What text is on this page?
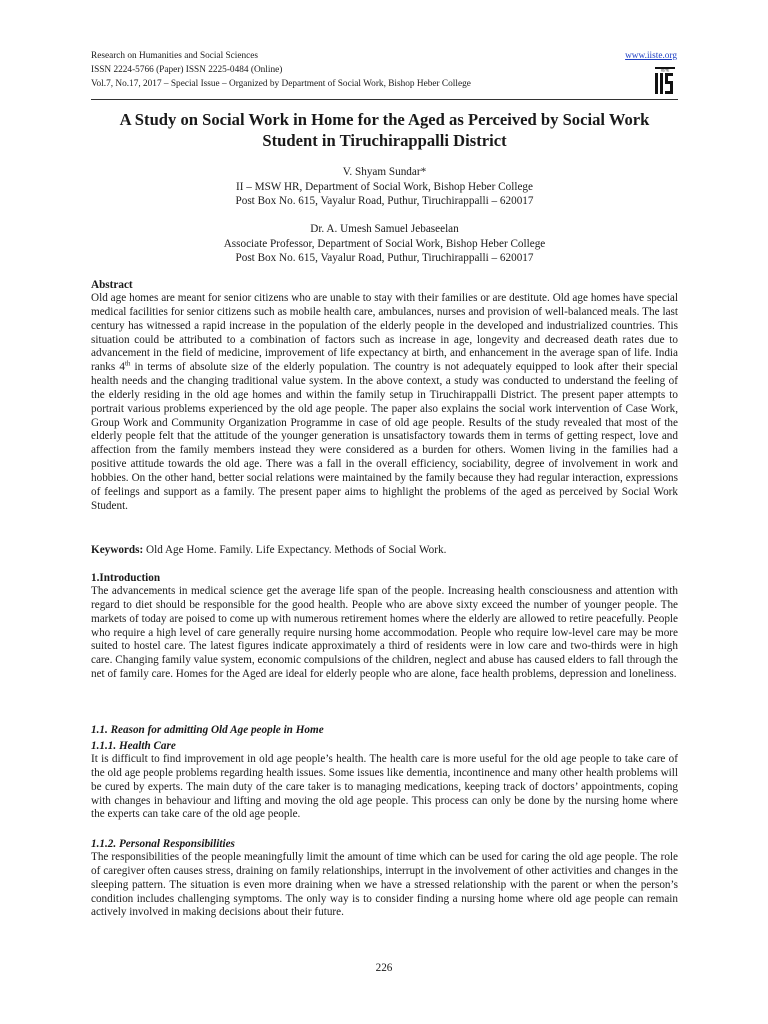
Research on Humanities and Social Sciences
ISSN 2224-5766 (Paper) ISSN 2225-0484 (Online)
Vol.7, No.17, 2017 – Special Issue – Organized by Department of Social Work, Bishop Heber College
www.iiste.org
IISTE
A Study on Social Work in Home for the Aged as Perceived by Social Work Student in Tiruchirappalli District
V. Shyam Sundar*
II – MSW HR, Department of Social Work, Bishop Heber College
Post Box No. 615, Vayalur Road, Puthur, Tiruchirappalli – 620017
Dr. A. Umesh Samuel Jebaseelan
Associate Professor, Department of Social Work, Bishop Heber College
Post Box No. 615, Vayalur Road, Puthur, Tiruchirappalli – 620017
Abstract

Old age homes are meant for senior citizens who are unable to stay with their families or are destitute. Old age homes have special medical facilities for senior citizens such as mobile health care, ambulances, nurses and provision of well-balanced meals. The last century has witnessed a rapid increase in the population of the elderly people in the developed and industrialized countries. This situation could be attributed to a combination of factors such as increase in age, longevity and decreased death rates due to advancement in the field of medicine, improvement of life expectancy at birth, and enhancement in the average span of life. India ranks 4th in terms of absolute size of the elderly population. The country is not adequately equipped to look after their special health needs and the changing traditional value system. In the above context, a study was conducted to understand the feeling of the elderly residing in the old age homes and within the family setup in Tiruchirappalli District. The present paper attempts to portrait various problems experienced by the old age people. The paper also explains the social work intervention of Case Work, Group Work and Community Organization Programme in case of old age people. Results of the study revealed that most of the elderly people felt that the attitude of the younger generation is unsatisfactory towards them in terms of getting respect, love and affection from the family members instead they were considered as a burden for others. Women living in the families had a positive attitude towards the old age. There was a fall in the overall efficiency, sociability, degree of involvement in work and hobbies. On the other hand, better social relations were maintained by the family because they had regular interaction, expressions of feelings and support as a family. The present paper aims to highlight the problems of the aged as perceived by Social Work Student.

Keywords: Old Age Home. Family. Life Expectancy. Methods of Social Work.
1.Introduction

The advancements in medical science get the average life span of the people. Increasing health consciousness and attention with regard to diet should be responsible for the good health. People who are above sixty exceed the number of younger people. The markets of today are poised to come up with numerous retirement homes where the elderly are allowed to retire peacefully. People who require a high level of care generally require nursing home accommodation. People who require low-level care may be more suited to hostel care. The latest figures indicate approximately a third of residents were in low care and two-thirds were in high care. Changing family value system, economic compulsions of the children, neglect and abuse has caused elders to fall through the net of family care. Homes for the Aged are ideal for elderly people who are alone, face health problems, depression and loneliness.

1.1. Reason for admitting Old Age people in Home
1.1.1. Health Care

It is difficult to find improvement in old age people’s health. The health care is more useful for the old age people to take care of the old age people problems regarding health issues. Some issues like dementia, incontinence and many other health problems will be cured by experts. The main duty of the care taker is to managing medications, keeping track of doctors’ appointments, coping with changes in behaviour and lifting and moving the old age people. This process can only be done by the nursing home where the experts can take care of the old age people.

1.1.2. Personal Responsibilities

The responsibilities of the people meaningfully limit the amount of time which can be used for caring the old age people. The role of caregiver often causes stress, draining on family relationships, interrupt in the involvement of other activities and changes in the sleeping pattern. The situation is even more draining when we have a stressed relationship with the parent or when the person’s condition includes challenging symptoms. The only way is to consider finding a nursing home where old age people can remain actively involved in making decisions about their future.

226
